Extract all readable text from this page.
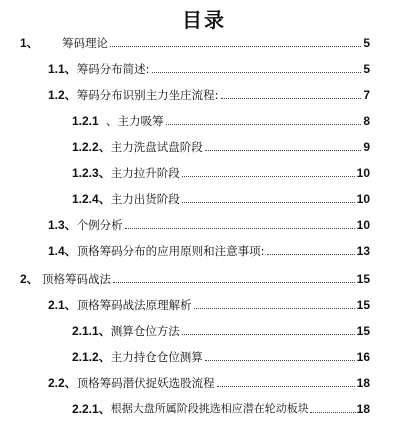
目录
1、	筹码理论	5
1.1、 筹码分布简述:	5
1.2、 筹码分布识别主力坐庄流程:	7
1.2.1 、主力吸筹	8
1.2.2、 主力洗盘试盘阶段	9
1.2.3、 主力拉升阶段	10
1.2.4、 主力出货阶段	10
1.3、 个例分析	10
1.4、 顶格筹码分布的应用原则和注意事项:	13
2、 顶格筹码战法	15
2.1、 顶格筹码战法原理解析	15
2.1.1、 测算仓位方法	15
2.1.2、 主力持仓仓位测算	16
2.2、 顶格筹码潜伏捉妖选股流程	18
2.2.1、 根据大盘所属阶段挑选相应潜在轮动板块	18
